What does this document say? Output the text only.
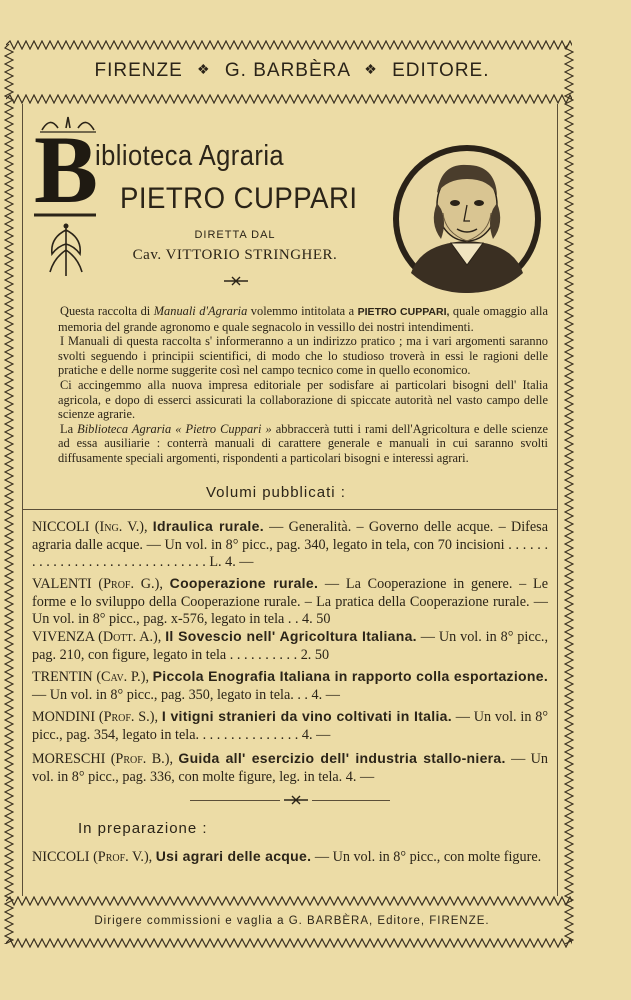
FIRENZE ❖ G. BARBÈRA ❖ EDITORE.
B
iblioteca Agraria
PIETRO CUPPARI
DIRETTA DAL
Cav. VITTORIO STRINGHER.

Questa raccolta di Manuali d'Agraria volemmo intitolata a PIETRO CUPPARI, quale omaggio alla memoria del grande agronomo e quale segnacolo in vessillo dei nostri intendimenti.

I Manuali di questa raccolta s' informeranno a un indirizzo pratico ; ma i vari argomenti saranno svolti seguendo i principii scientifici, di modo che lo studioso troverà in essi le ragioni delle pratiche e delle norme suggerite così nel campo tecnico come in quello economico.

Ci accingemmo alla nuova impresa editoriale per sodisfare ai particolari bisogni dell' Italia agricola, e dopo di esserci assicurati la collaborazione di spiccate autorità nel vasto campo delle scienze agrarie.

La Biblioteca Agraria « Pietro Cuppari » abbraccerà tutti i rami dell'Agricoltura e delle scienze ad essa ausiliarie : conterrà manuali di carattere generale e manuali in cui saranno svolti diffusamente speciali argomenti, rispondenti a particolari bisogni e interessi agrari.

Volumi pubblicati :
NICCOLI (Ing. V.), Idraulica rurale. — Generalità. – Governo delle acque. – Difesa agraria dalle acque. — Un vol. in 8° picc., pag. 340, legato in tela, con 70 incisioni . . . . . . . . . . . . . . . . . . . . . . . . . . . . . . . L. 4. —
VALENTI (Prof. G.), Cooperazione rurale. — La Cooperazione in genere. – Le forme e lo sviluppo della Cooperazione rurale. – La pratica della Cooperazione rurale. — Un vol. in 8° picc., pag. x-576, legato in tela . . 4. 50
VIVENZA (Dott. A.), Il Sovescio nell' Agricoltura Italiana. — Un vol. in 8° picc., pag. 210, con figure, legato in tela . . . . . . . . . . 2. 50
TRENTIN (Cav. P.), Piccola Enografia Italiana in rapporto colla esportazione. — Un vol. in 8° picc., pag. 350, legato in tela. . . 4. —
MONDINI (Prof. S.), I vitigni stranieri da vino coltivati in Italia. — Un vol. in 8° picc., pag. 354, legato in tela. . . . . . . . . . . . . . . 4. —
MORESCHI (Prof. B.), Guida all' esercizio dell' industria stallo-niera. — Un vol. in 8° picc., pag. 336, con molte figure, leg. in tela. 4. —
In preparazione :
NICCOLI (Prof. V.), Usi agrari delle acque. — Un vol. in 8° picc., con molte figure.
Dirigere commissioni e vaglia a G. BARBÈRA, Editore, FIRENZE.
